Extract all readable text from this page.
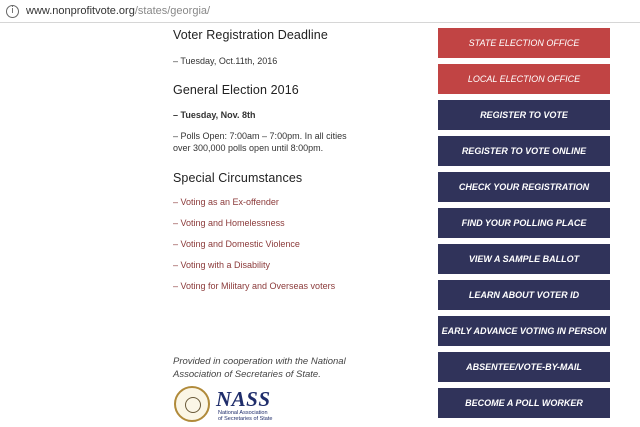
i	www.nonprofitvote.org/states/georgia/
Voter Registration Deadline
– Tuesday, Oct.11th, 2016
General Election 2016
– Tuesday, Nov. 8th
– Polls Open: 7:00am – 7:00pm. In all cities
over 300,000 polls open until 8:00pm.
Special Circumstances
– Voting as an Ex-offender
– Voting and Homelessness
– Voting and Domestic Violence
– Voting with a Disability
– Voting for Military and Overseas voters
Provided in cooperation with the National
Association of Secretaries of State.
NASS
National Association
of Secretaries of State
STATE ELECTION OFFICE
LOCAL ELECTION OFFICE
REGISTER TO VOTE
REGISTER TO VOTE ONLINE
CHECK YOUR REGISTRATION
FIND YOUR POLLING PLACE
VIEW A SAMPLE BALLOT
LEARN ABOUT VOTER ID
EARLY ADVANCE VOTING IN PERSON
ABSENTEE/VOTE-BY-MAIL
BECOME A POLL WORKER
